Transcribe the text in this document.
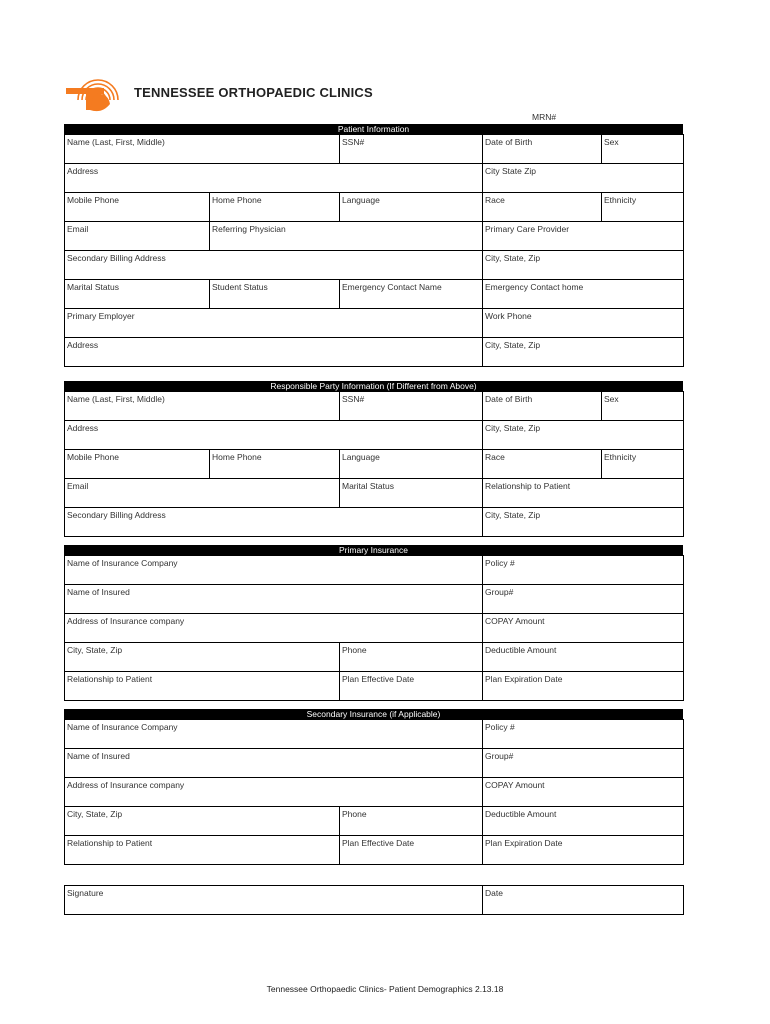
TENNESSEE ORTHOPAEDIC CLINICS
MRN#
Patient Information
Name (Last, First, Middle)		SSN#	Date of Birth	Sex
Address			City State Zip	
Mobile Phone	Home Phone	Language	Race	Ethnicity
Email	Referring Physician		Primary Care Provider	
Secondary Billing Address			City, State, Zip	
Marital Status	Student Status	Emergency Contact Name	Emergency Contact home	
Primary Employer			Work Phone	
Address			City, State, Zip	
Responsible Party Information (If Different from Above)
Name (Last, First, Middle)		SSN#	Date of Birth	Sex
Address			City, State, Zip	
Mobile Phone	Home Phone	Language	Race	Ethnicity
Email		Marital Status	Relationship to Patient	
Secondary Billing Address			City, State, Zip	
Primary Insurance
Name of Insurance Company		Policy #
Name of Insured		Group#
Address of Insurance company		COPAY Amount
City, State, Zip	Phone	Deductible Amount
Relationship to Patient	Plan Effective Date	Plan Expiration Date
Secondary Insurance (if Applicable)
Name of Insurance Company		Policy #
Name of Insured		Group#
Address of Insurance company		COPAY Amount
City, State, Zip	Phone	Deductible Amount
Relationship to Patient	Plan Effective Date	Plan Expiration Date
Signature	Date
Tennessee Orthopaedic Clinics- Patient Demographics 2.13.18
